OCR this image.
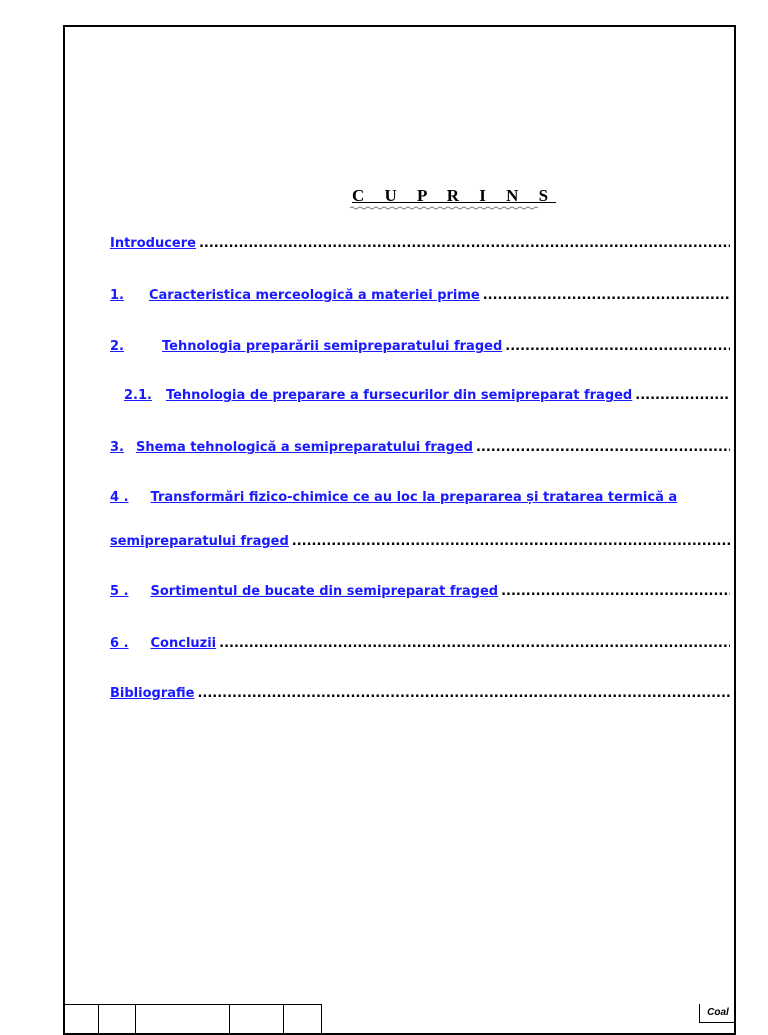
C U P R I N S
Introducere
.....
1. Caracteristica merceologică a materiei prime
.....
2.	Tehnologia preparării semipreparatului fraged
.....
2.1. Tehnologia de preparare a fursecurilor din semipreparat fraged
.....
3. Shema tehnologică a semipreparatului fraged
.....
4 . Transformări fizico-chimice ce au loc la prepararea și tratarea termică a
semipreparatului fraged
.....
5 . Sortimentul de bucate din semipreparat fraged
.....
6 . Concluzii
.....
Bibliografie
.....
Coal
